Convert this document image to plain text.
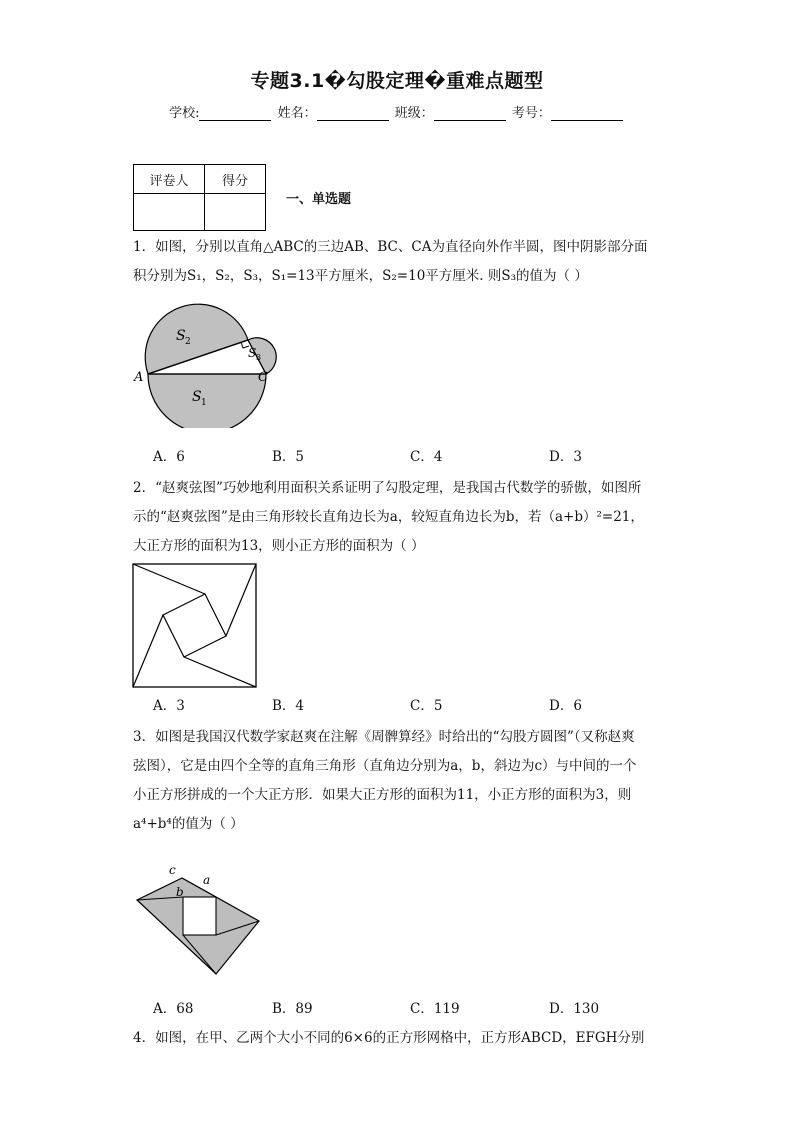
专题3.1�勾股定理�重难点题型
学校:	姓名：	班级：	考号：
评卷人	得分

一、单选题
1．如图，分别以直角△ABC的三边AB、BC、CA为直径向外作半圆，图中阴影部分面
积分别为S₁，S₂，S₃，S₁=13平方厘米，S₂=10平方厘米. 则S₃的值为（ ）
A	C
S 2
S 3
S 1
A．6	B．5	C．4	D．3
2．“赵爽弦图”巧妙地利用面积关系证明了勾股定理，是我国古代数学的骄傲，如图所
示的“赵爽弦图”是由三角形较长直角边长为a，较短直角边长为b，若（a+b）²=21，
大正方形的面积为13，则小正方形的面积为（ ）
A．3	B．4	C．5	D．6
3．如图是我国汉代数学家赵爽在注解《周髀算经》时给出的“勾股方圆图”（又称赵爽
弦图），它是由四个全等的直角三角形（直角边分别为a，b，斜边为c）与中间的一个
小正方形拼成的一个大正方形．如果大正方形的面积为11，小正方形的面积为3，则
a⁴+b⁴的值为（ ）
c
b
a
A．68	B．89	C．119	D．130
4．如图，在甲、乙两个大小不同的6×6的正方形网格中，正方形ABCD，EFGH分别
